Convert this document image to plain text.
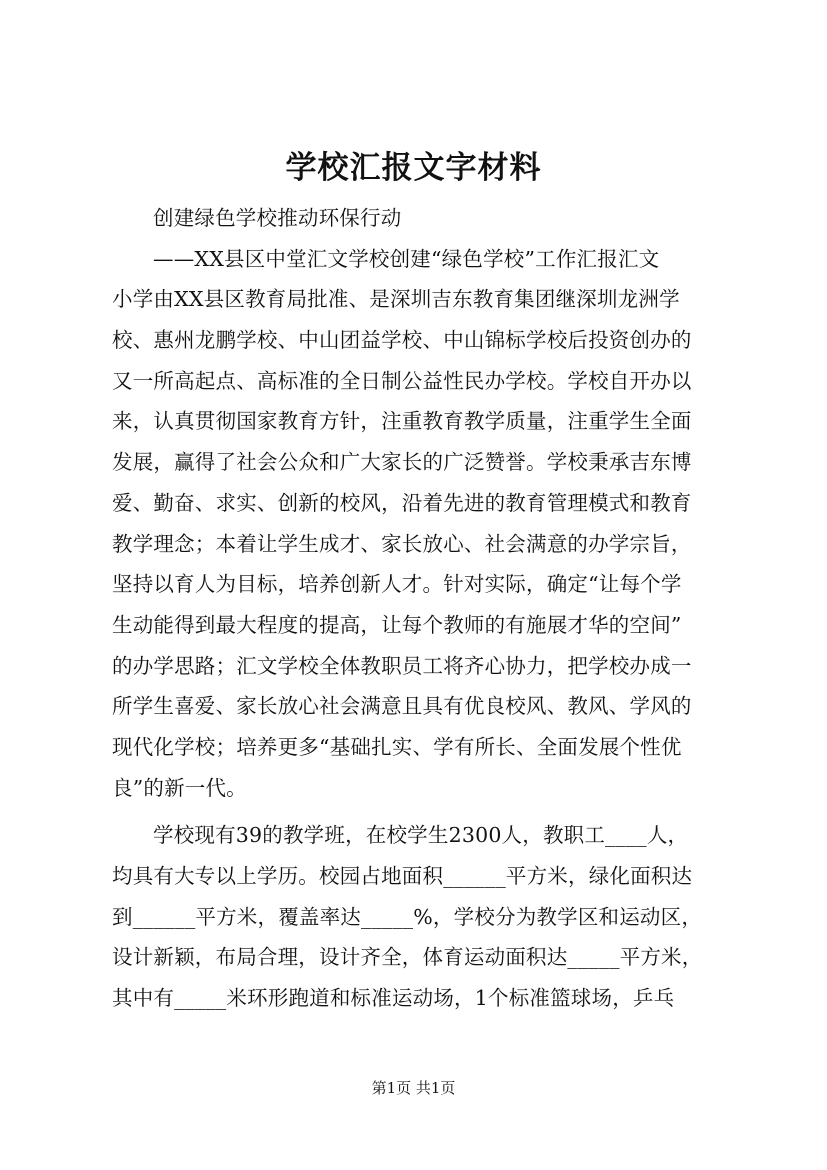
学校汇报文字材料
创建绿色学校推动环保行动
——XX县区中堂汇文学校创建“绿色学校”工作汇报汇文
小学由XX县区教育局批准、是深圳吉东教育集团继深圳龙洲学
校、惠州龙鹏学校、中山团益学校、中山锦标学校后投资创办的
又一所高起点、高标准的全日制公益性民办学校。学校自开办以
来，认真贯彻国家教育方针，注重教育教学质量，注重学生全面
发展，赢得了社会公众和广大家长的广泛赞誉。学校秉承吉东博
爱、勤奋、求实、创新的校风，沿着先进的教育管理模式和教育
教学理念；本着让学生成才、家长放心、社会满意的办学宗旨，
坚持以育人为目标，培养创新人才。针对实际，确定“让每个学
生动能得到最大程度的提高，让每个教师的有施展才华的空间”
的办学思路；汇文学校全体教职员工将齐心协力，把学校办成一
所学生喜爱、家长放心社会满意且具有优良校风、教风、学风的
现代化学校；培养更多“基础扎实、学有所长、全面发展个性优
良”的新一代。
学校现有39的教学班，在校学生2300人，教职工____人，
均具有大专以上学历。校园占地面积______平方米，绿化面积达
到______平方米，覆盖率达_____%，学校分为教学区和运动区，
设计新颖，布局合理，设计齐全，体育运动面积达_____平方米，
其中有_____米环形跑道和标准运动场，1个标准篮球场，乒乓
第1页 共1页
